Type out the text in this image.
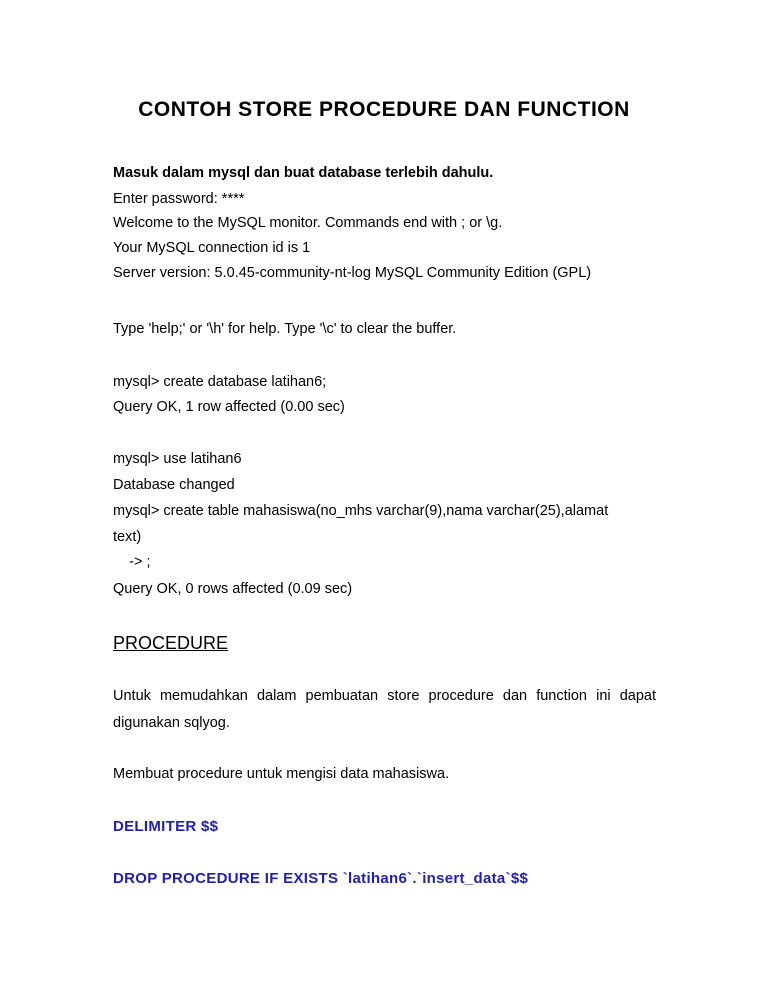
CONTOH STORE PROCEDURE DAN FUNCTION

Masuk dalam mysql dan buat database terlebih dahulu.

Enter password: ****

Welcome to the MySQL monitor. Commands end with ; or \g.

Your MySQL connection id is 1

Server version: 5.0.45-community-nt-log MySQL Community Edition (GPL)

Type 'help;' or '\h' for help. Type '\c' to clear the buffer.

mysql> create database latihan6;

Query OK, 1 row affected (0.00 sec)

mysql> use latihan6

Database changed

mysql> create table mahasiswa(no_mhs varchar(9),nama varchar(25),alamat

text)

-> ;

Query OK, 0 rows affected (0.09 sec)

PROCEDURE

Untuk memudahkan dalam pembuatan store procedure dan function ini dapat digunakan sqlyog.

Membuat procedure untuk mengisi data mahasiswa.

DELIMITER $$

DROP PROCEDURE IF EXISTS `latihan6`.`insert_data`$$
